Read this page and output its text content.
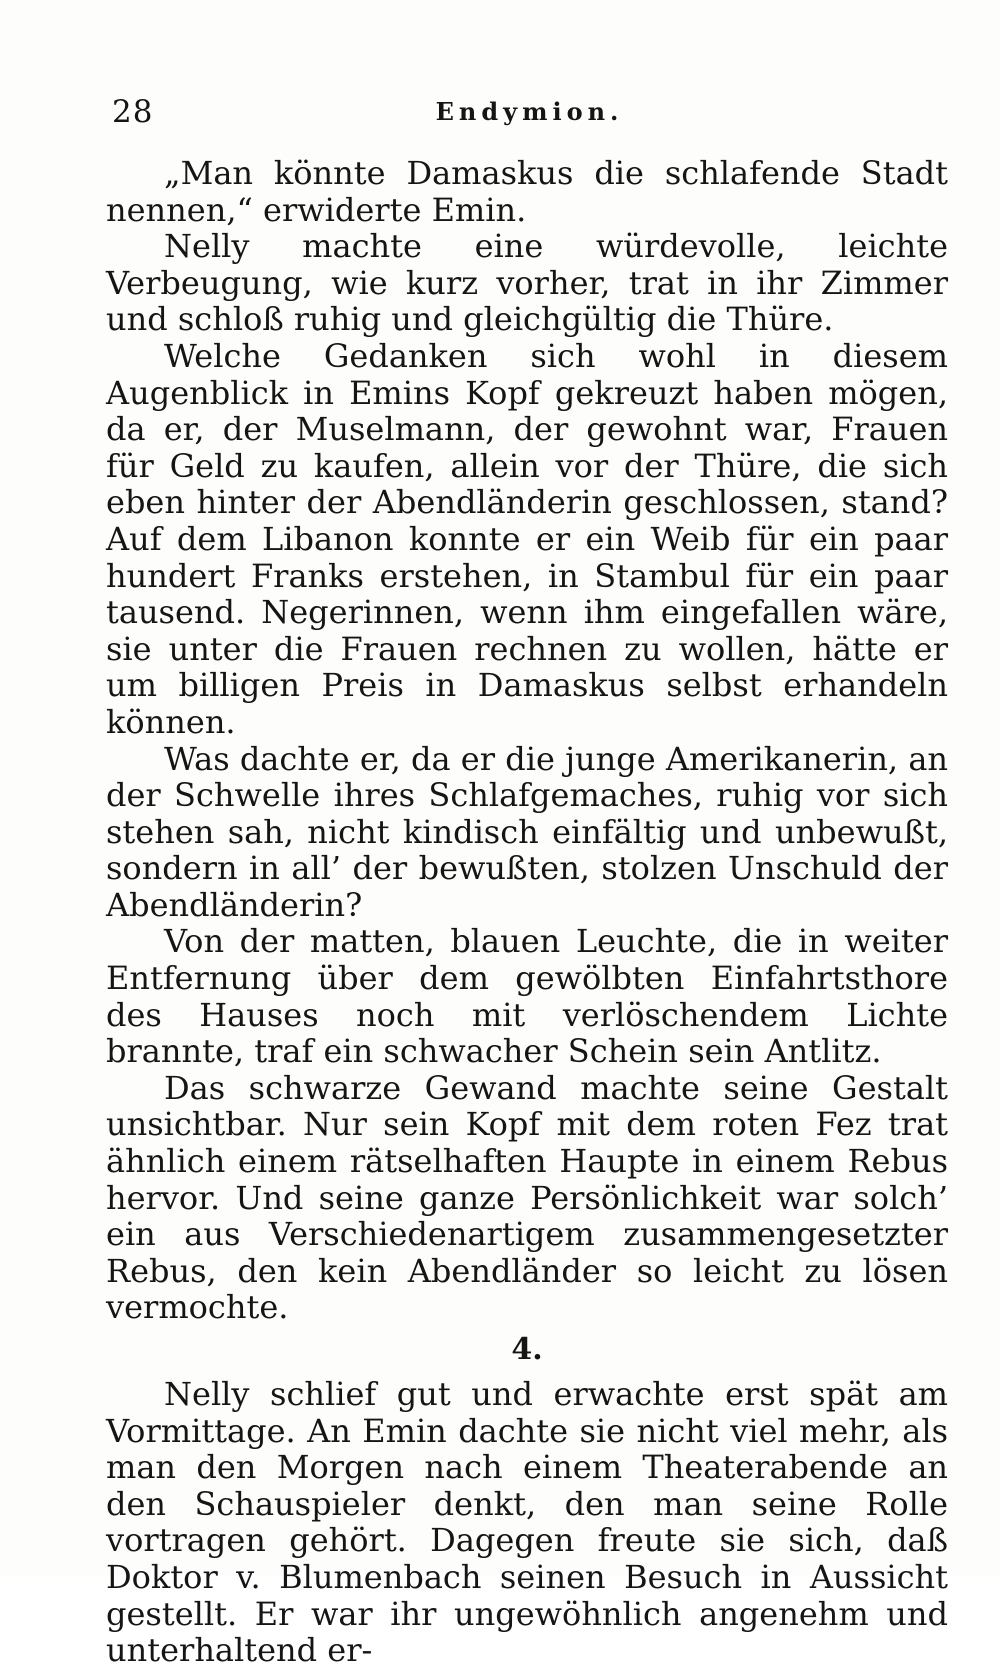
28	Endymion.

„Man könnte Damaskus die schlafende Stadt nennen,“ erwiderte Emin.

Nelly machte eine würdevolle, leichte Verbeugung, wie kurz vorher, trat in ihr Zimmer und schloß ruhig und gleichgültig die Thüre.

Welche Gedanken sich wohl in diesem Augenblick in Emins Kopf gekreuzt haben mögen, da er, der Muselmann, der gewohnt war, Frauen für Geld zu kaufen, allein vor der Thüre, die sich eben hinter der Abendländerin geschlossen, stand? Auf dem Libanon konnte er ein Weib für ein paar hundert Franks erstehen, in Stambul für ein paar tausend. Negerinnen, wenn ihm eingefallen wäre, sie unter die Frauen rechnen zu wollen, hätte er um billigen Preis in Damaskus selbst erhandeln können.

Was dachte er, da er die junge Amerikanerin, an der Schwelle ihres Schlafgemaches, ruhig vor sich stehen sah, nicht kindisch einfältig und unbewußt, sondern in all’ der bewußten, stolzen Unschuld der Abendländerin?

Von der matten, blauen Leuchte, die in weiter Entfernung über dem gewölbten Einfahrtsthore des Hauses noch mit verlöschendem Lichte brannte, traf ein schwacher Schein sein Antlitz.

Das schwarze Gewand machte seine Gestalt unsichtbar. Nur sein Kopf mit dem roten Fez trat ähnlich einem rätselhaften Haupte in einem Rebus hervor. Und seine ganze Persönlichkeit war solch’ ein aus Verschiedenartigem zusammengesetzter Rebus, den kein Abendländer so leicht zu lösen vermochte.

4.

Nelly schlief gut und erwachte erst spät am Vormittage. An Emin dachte sie nicht viel mehr, als man den Morgen nach einem Theaterabende an den Schauspieler denkt, den man seine Rolle vortragen gehört. Dagegen freute sie sich, daß Doktor v. Blumenbach seinen Besuch in Aussicht gestellt. Er war ihr ungewöhnlich angenehm und unterhaltend er-
